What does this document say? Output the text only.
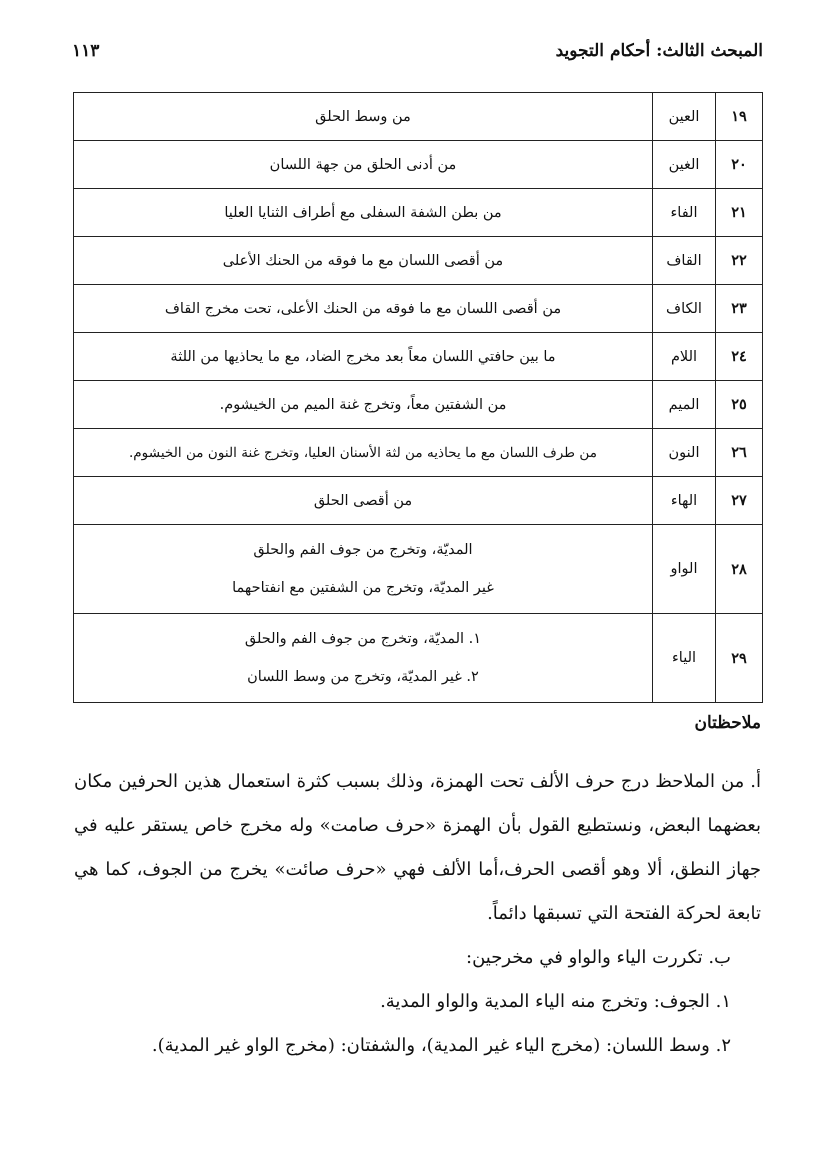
المبحث الثالث: أحكام التجويد
١١٣
١٩	العين	من وسط الحلق
٢٠	الغين	من أدنى الحلق من جهة اللسان
٢١	الفاء	من بطن الشفة السفلى مع أطراف الثنايا العليا
٢٢	القاف	من أقصى اللسان مع ما فوقه من الحنك الأعلى
٢٣	الكاف	من أقصى اللسان مع ما فوقه من الحنك الأعلى، تحت مخرج القاف
٢٤	اللام	ما بين حافتي اللسان معاً بعد مخرج الضاد، مع ما يحاذيها من اللثة
٢٥	الميم	من الشفتين معاً، وتخرج غنة الميم من الخيشوم.
٢٦	النون	من طرف اللسان مع ما يحاذيه من لثة الأسنان العليا، وتخرج غنة النون من الخيشوم.
٢٧	الهاء	من أقصى الحلق
٢٨	الواو	المديّة، وتخرج من جوف الفم والحلق
غير المديّة، وتخرج من الشفتين مع انفتاحهما

٢٩	الياء	١. المديّة، وتخرج من جوف الفم والحلق
٢. غير المديّة، وتخرج من وسط اللسان
ملاحظتان

أ. من الملاحظ درج حرف الألف تحت الهمزة، وذلك بسبب كثرة استعمال هذين الحرفين مكان بعضهما البعض، ونستطيع القول بأن الهمزة «حرف صامت» وله مخرج خاص يستقر عليه في جهاز النطق، ألا وهو أقصى الحرف،أما الألف فهي «حرف صائت» يخرج من الجوف، كما هي تابعة لحركة الفتحة التي تسبقها دائماً.

ب. تكررت الياء والواو في مخرجين:

١. الجوف: وتخرج منه الياء المدية والواو المدية.

٢. وسط اللسان: (مخرج الياء غير المدية)، والشفتان: (مخرج الواو غير المدية).
